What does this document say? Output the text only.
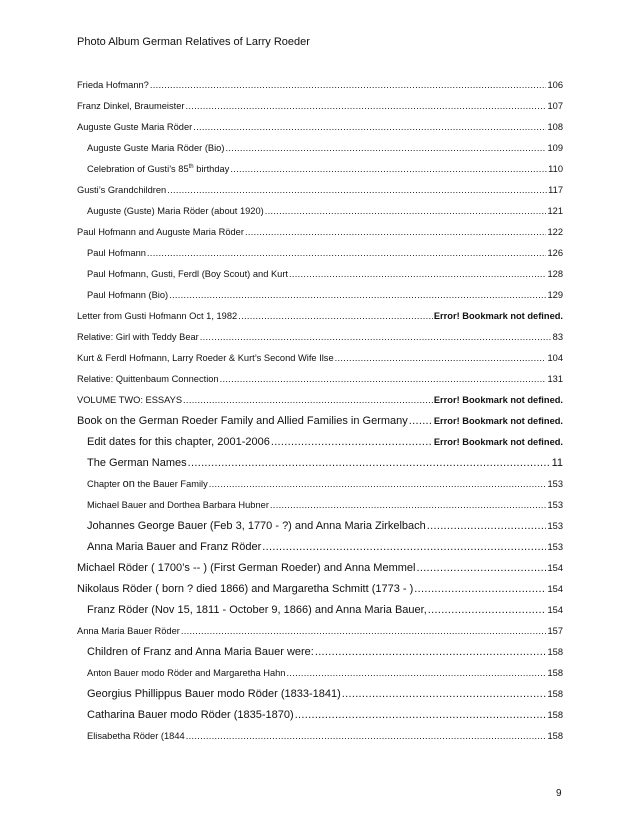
Photo Album German Relatives of Larry Roeder
Frieda Hofmann? .....	106
Franz Dinkel, Braumeister .....	107
Auguste Guste Maria Röder .....	108
Auguste Guste Maria Röder (Bio) .....	109
Celebration of Gusti’s 85th birthday .....	110
Gusti’s Grandchildren .....	117
Auguste (Guste) Maria Röder (about 1920) .....	121
Paul Hofmann and Auguste Maria Röder .....	122
Paul Hofmann .....	126
Paul Hofmann, Gusti, Ferdl (Boy Scout) and Kurt .....	128
Paul Hofmann (Bio) .....	129
Letter from Gusti Hofmann Oct 1, 1982 .....	Error! Bookmark not defined.
Relative: Girl with Teddy Bear .....	83
Kurt & Ferdl Hofmann, Larry Roeder & Kurt’s Second Wife Ilse .....	104
Relative: Quittenbaum Connection .....	131
VOLUME TWO: ESSAYS .....	Error! Bookmark not defined.
Book on the German Roeder Family and Allied Families in Germany .....	Error! Bookmark not defined.
Edit dates for this chapter, 2001-2006 .....	Error! Bookmark not defined.
The German Names .....	11
Chapter on the Bauer Family .....	153
Michael Bauer and Dorthea Barbara Hubner .....	153
Johannes George Bauer (Feb 3, 1770 - ?) and Anna Maria Zirkelbach .....	153
Anna Maria Bauer and Franz Röder .....	153
Michael Röder ( 1700’s -- ) (First German Roeder) and Anna Memmel .....	154
Nikolaus Röder ( born ? died 1866) and Margaretha Schmitt (1773 - ) .....	154
Franz Röder (Nov 15, 1811 - October 9, 1866) and Anna Maria Bauer, .....	154
Anna Maria Bauer Röder .....	157
Children of Franz and Anna Maria Bauer were: .....	158
Anton Bauer modo Röder and Margaretha Hahn .....	158
Georgius Phillippus Bauer modo Röder (1833-1841) .....	158
Catharina Bauer modo Röder (1835-1870) .....	158
Elisabetha Röder (1844 .....	158
9
